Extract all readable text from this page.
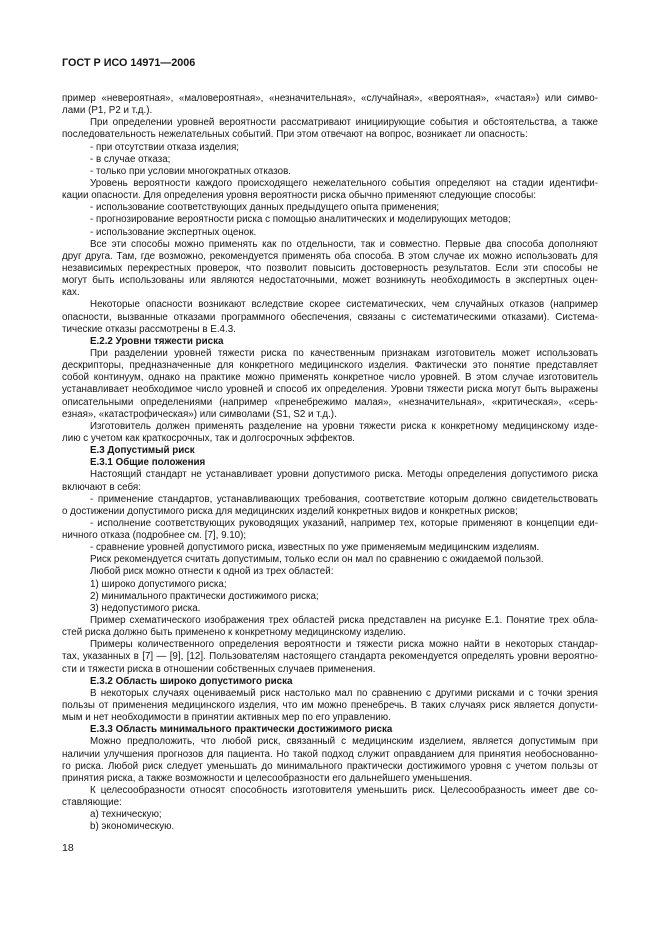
ГОСТ Р ИСО 14971—2006
пример «невероятная», «маловероятная», «незначительная», «случайная», «вероятная», «частая») или симво-
лами (P1, P2 и т.д.).
При определении уровней вероятности рассматривают инициирующие события и обстоятельства, а также
последовательность нежелательных событий. При этом отвечают на вопрос, возникает ли опасность:
- при отсутствии отказа изделия;
- в случае отказа;
- только при условии многократных отказов.
Уровень вероятности каждого происходящего нежелательного события определяют на стадии идентифи-
кации опасности. Для определения уровня вероятности риска обычно применяют следующие способы:
- использование соответствующих данных предыдущего опыта применения;
- прогнозирование вероятности риска с помощью аналитических и моделирующих методов;
- использование экспертных оценок.
Все эти способы можно применять как по отдельности, так и совместно. Первые два способа дополняют
друг друга. Там, где возможно, рекомендуется применять оба способа. В этом случае их можно использовать для
независимых перекрестных проверок, что позволит повысить достоверность результатов. Если эти способы не
могут быть использованы или являются недостаточными, может возникнуть необходимость в экспертных оцен-
ках.
Некоторые опасности возникают вследствие скорее систематических, чем случайных отказов (например
опасности, вызванные отказами программного обеспечения, связаны с систематическими отказами). Система-
тические отказы рассмотрены в Е.4.3.
Е.2.2 Уровни тяжести риска
При разделении уровней тяжести риска по качественным признакам изготовитель может использовать
дескрипторы, предназначенные для конкретного медицинского изделия. Фактически это понятие представляет
собой континуум, однако на практике можно применять конкретное число уровней. В этом случае изготовитель
устанавливает необходимое число уровней и способ их определения. Уровни тяжести риска могут быть выражены
описательными определениями (например «пренебрежимо малая», «незначительная», «критическая», «серь-
езная», «катастрофическая») или символами (S1, S2 и т.д.).
Изготовитель должен применять разделение на уровни тяжести риска к конкретному медицинскому изде-
лию с учетом как краткосрочных, так и долгосрочных эффектов.
Е.3 Допустимый риск
Е.3.1 Общие положения
Настоящий стандарт не устанавливает уровни допустимого риска. Методы определения допустимого риска
включают в себя:
- применение стандартов, устанавливающих требования, соответствие которым должно свидетельствовать
о достижении допустимого риска для медицинских изделий конкретных видов и конкретных рисков;
- исполнение соответствующих руководящих указаний, например тех, которые применяют в концепции еди-
ничного отказа (подробнее см. [7], 9.10);
- сравнение уровней допустимого риска, известных по уже применяемым медицинским изделиям.
Риск рекомендуется считать допустимым, только если он мал по сравнению с ожидаемой пользой.
Любой риск можно отнести к одной из трех областей:
1) широко допустимого риска;
2) минимального практически достижимого риска;
3) недопустимого риска.
Пример схематического изображения трех областей риска представлен на рисунке Е.1. Понятие трех обла-
стей риска должно быть применено к конкретному медицинскому изделию.
Примеры количественного определения вероятности и тяжести риска можно найти в некоторых стандар-
тах, указанных в [7] — [9], [12]. Пользователям настоящего стандарта рекомендуется определять уровни вероятно-
сти и тяжести риска в отношении собственных случаев применения.
Е.3.2 Область широко допустимого риска
В некоторых случаях оцениваемый риск настолько мал по сравнению с другими рисками и с точки зрения
пользы от применения медицинского изделия, что им можно пренебречь. В таких случаях риск является допусти-
мым и нет необходимости в принятии активных мер по его управлению.
Е.3.3 Область минимального практически достижимого риска
Можно предположить, что любой риск, связанный с медицинским изделием, является допустимым при
наличии улучшения прогнозов для пациента. Но такой подход служит оправданием для принятия необоснованно-
го риска. Любой риск следует уменьшать до минимального практически достижимого уровня с учетом пользы от
принятия риска, а также возможности и целесообразности его дальнейшего уменьшения.
К целесообразности относят способность изготовителя уменьшить риск. Целесообразность имеет две со-
ставляющие:
a) техническую;
b) экономическую.
18
